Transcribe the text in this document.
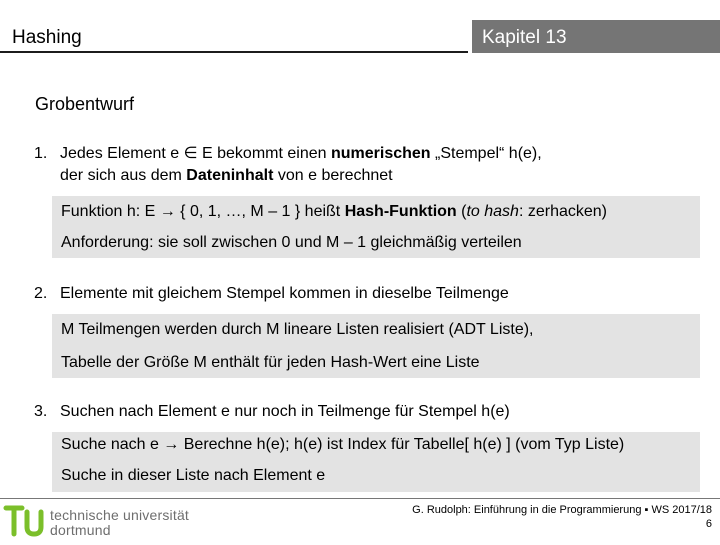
Hashing	Kapitel 13
Grobentwurf
1. Jedes Element e ∈ E bekommt einen numerischen „Stempel“ h(e),
der sich aus dem Dateninhalt von e berechnet
Funktion h: E → { 0, 1, …, M – 1 } heißt Hash-Funktion (to hash: zerhacken)
Anforderung: sie soll zwischen 0 und M – 1 gleichmäßig verteilen
2. Elemente mit gleichem Stempel kommen in dieselbe Teilmenge
M Teilmengen werden durch M lineare Listen realisiert (ADT Liste),
Tabelle der Größe M enthält für jeden Hash-Wert eine Liste
3. Suchen nach Element e nur noch in Teilmenge für Stempel h(e)
Suche nach e → Berechne h(e); h(e) ist Index für Tabelle[ h(e) ] (vom Typ Liste)
Suche in dieser Liste nach Element e
technische universität
dortmund
G. Rudolph: Einführung in die Programmierung ▪ WS 2017/18
6
